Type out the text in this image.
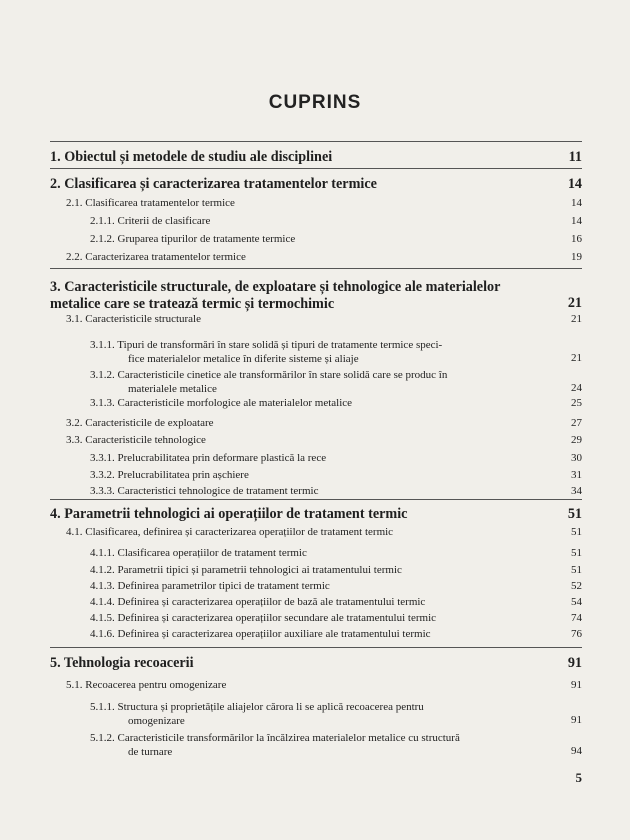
CUPRINS
1. Obiectul și metodele de studiu ale disciplinei	11
2. Clasificarea și caracterizarea tratamentelor termice	14
2.1. Clasificarea tratamentelor termice	14
2.1.1. Criterii de clasificare	14
2.1.2. Gruparea tipurilor de tratamente termice	16
2.2. Caracterizarea tratamentelor termice	19
3. Caracteristicile structurale, de exploatare și tehnologice ale materialelor
metalice care se tratează termic și termochimic	21
3.1. Caracteristicile structurale	21
3.1.1. Tipuri de transformări în stare solidă și tipuri de tratamente termice speci-
fice materialelor metalice în diferite sisteme și aliaje	21
3.1.2. Caracteristicile cinetice ale transformărilor în stare solidă care se produc în
materialele metalice	24
3.1.3. Caracteristicile morfologice ale materialelor metalice	25
3.2. Caracteristicile de exploatare	27
3.3. Caracteristicile tehnologice	29
3.3.1. Prelucrabilitatea prin deformare plastică la rece	30
3.3.2. Prelucrabilitatea prin așchiere	31
3.3.3. Caracteristici tehnologice de tratament termic	34
4. Parametrii tehnologici ai operațiilor de tratament termic	51
4.1. Clasificarea, definirea și caracterizarea operațiilor de tratament termic	51
4.1.1. Clasificarea operațiilor de tratament termic	51
4.1.2. Parametrii tipici și parametrii tehnologici ai tratamentului termic	51
4.1.3. Definirea parametrilor tipici de tratament termic	52
4.1.4. Definirea și caracterizarea operațiilor de bază ale tratamentului termic	54
4.1.5. Definirea și caracterizarea operațiilor secundare ale tratamentului termic	74
4.1.6. Definirea și caracterizarea operațiilor auxiliare ale tratamentului termic	76
5. Tehnologia recoacerii	91
5.1. Recoacerea pentru omogenizare	91
5.1.1. Structura și proprietățile aliajelor cărora li se aplică recoacerea pentru
omogenizare	91
5.1.2. Caracteristicile transformărilor la încălzirea materialelor metalice cu structură
de turnare	94
5
